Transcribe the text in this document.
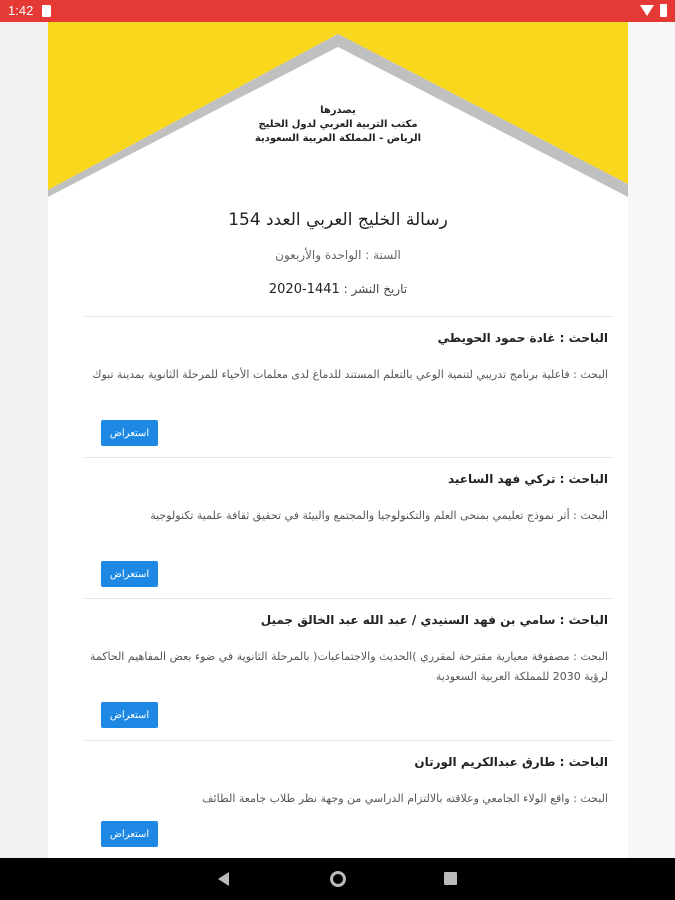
1:42
يصدرها
مكتب التربية العربي لدول الخليج
الرياض - المملكة العربية السعودية
رسالة الخليج العربي العدد 154
السنة : الواحدة والأربعون
تاريخ النشر : 1441-2020
الباحث : غادة حمود الحويطي
البحث : فاعلية برنامج تدريبي لتنمية الوعي بالتعلم المستند للدماغ لدى معلمات الأحياء للمرحلة الثانوية بمدينة تبوك
استعراض
الباحث : تركي فهد الساعيد
البحث : أثر نموذج تعليمي بمنحى العلم والتكنولوجيا والمجتمع والبيئة في تحقيق ثقافة علمية تكنولوجية
استعراض
الباحث : سامي بن فهد السنيدي / عبد الله عبد الخالق جميل
البحث : مصفوفة معيارية مقترحة لمقرري )الحديث والاجتماعيات( بالمرحلة الثانوية في ضوء بعض المفاهيم الحاكمة لرؤية 2030 للمملكة العربية السعودية
استعراض
الباحث : طارق عبدالكريم الورتان
البحث : واقع الولاء الجامعي وعلاقته بالالتزام الدراسي من وجهة نظر طلاب جامعة الطائف
استعراض
